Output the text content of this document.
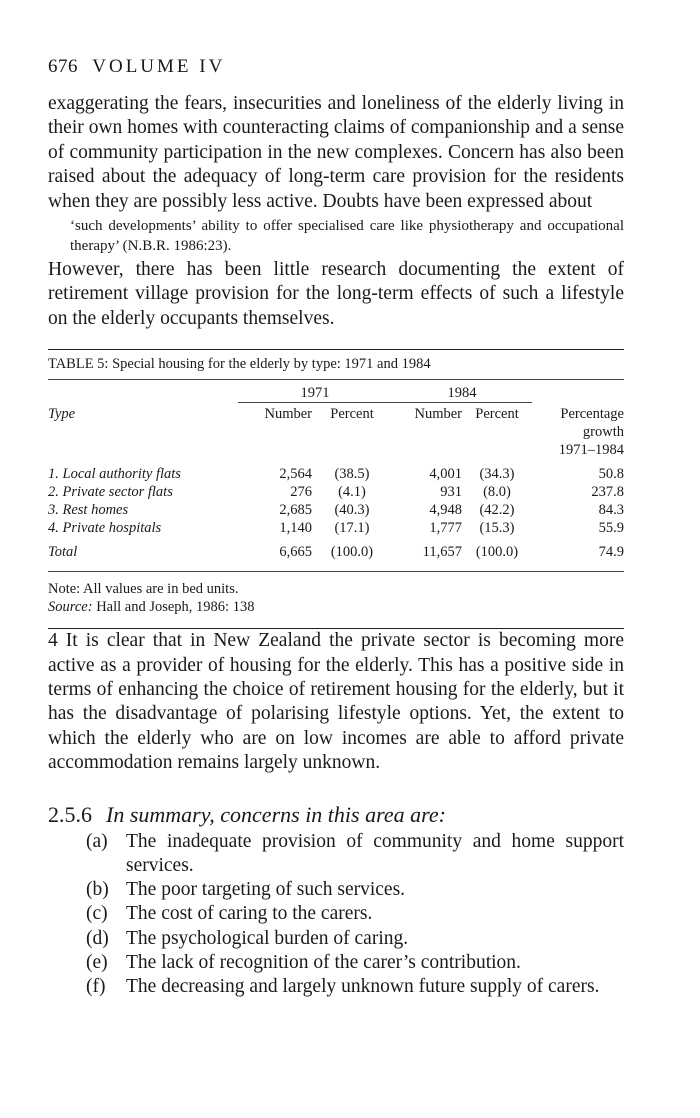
676 VOLUME IV

exaggerating the fears, insecurities and loneliness of the elderly living in their own homes with counteracting claims of companionship and a sense of community participation in the new complexes. Concern has also been raised about the adequacy of long-term care provision for the residents when they are possibly less active. Doubts have been expressed about

‘such developments’ ability to offer specialised care like physiotherapy and occupational therapy’ (N.B.R. 1986:23).

However, there has been little research documenting the extent of retirement village provision for the long-term effects of such a lifestyle on the elderly occupants themselves.

TABLE 5: Special housing for the elderly by type: 1971 and 1984

	1971		1984		

Type	Number	Percent	Number	Percent	Percentage
growth
1971–1984

1. Local authority flats	2,564	(38.5)	4,001	(34.3)	50.8
2. Private sector flats	276	(4.1)	931	(8.0)	237.8
3. Rest homes	2,685	(40.3)	4,948	(42.2)	84.3
4. Private hospitals	1,140	(17.1)	1,777	(15.3)	55.9

Total	6,665	(100.0)	11,657	(100.0)	74.9
Note: All values are in bed units.
Source: Hall and Joseph, 1986: 138

4 It is clear that in New Zealand the private sector is becoming more active as a provider of housing for the elderly. This has a positive side in terms of enhancing the choice of retirement housing for the elderly, but it has the disadvantage of polarising lifestyle options. Yet, the extent to which the elderly who are on low incomes are able to afford private accommodation remains largely unknown.

2.5.6 In summary, concerns in this area are:
(a) The inadequate provision of community and home support services.
(b) The poor targeting of such services.
(c) The cost of caring to the carers.
(d) The psychological burden of caring.
(e) The lack of recognition of the carer’s contribution.
(f)	The decreasing and largely unknown future supply of carers.
